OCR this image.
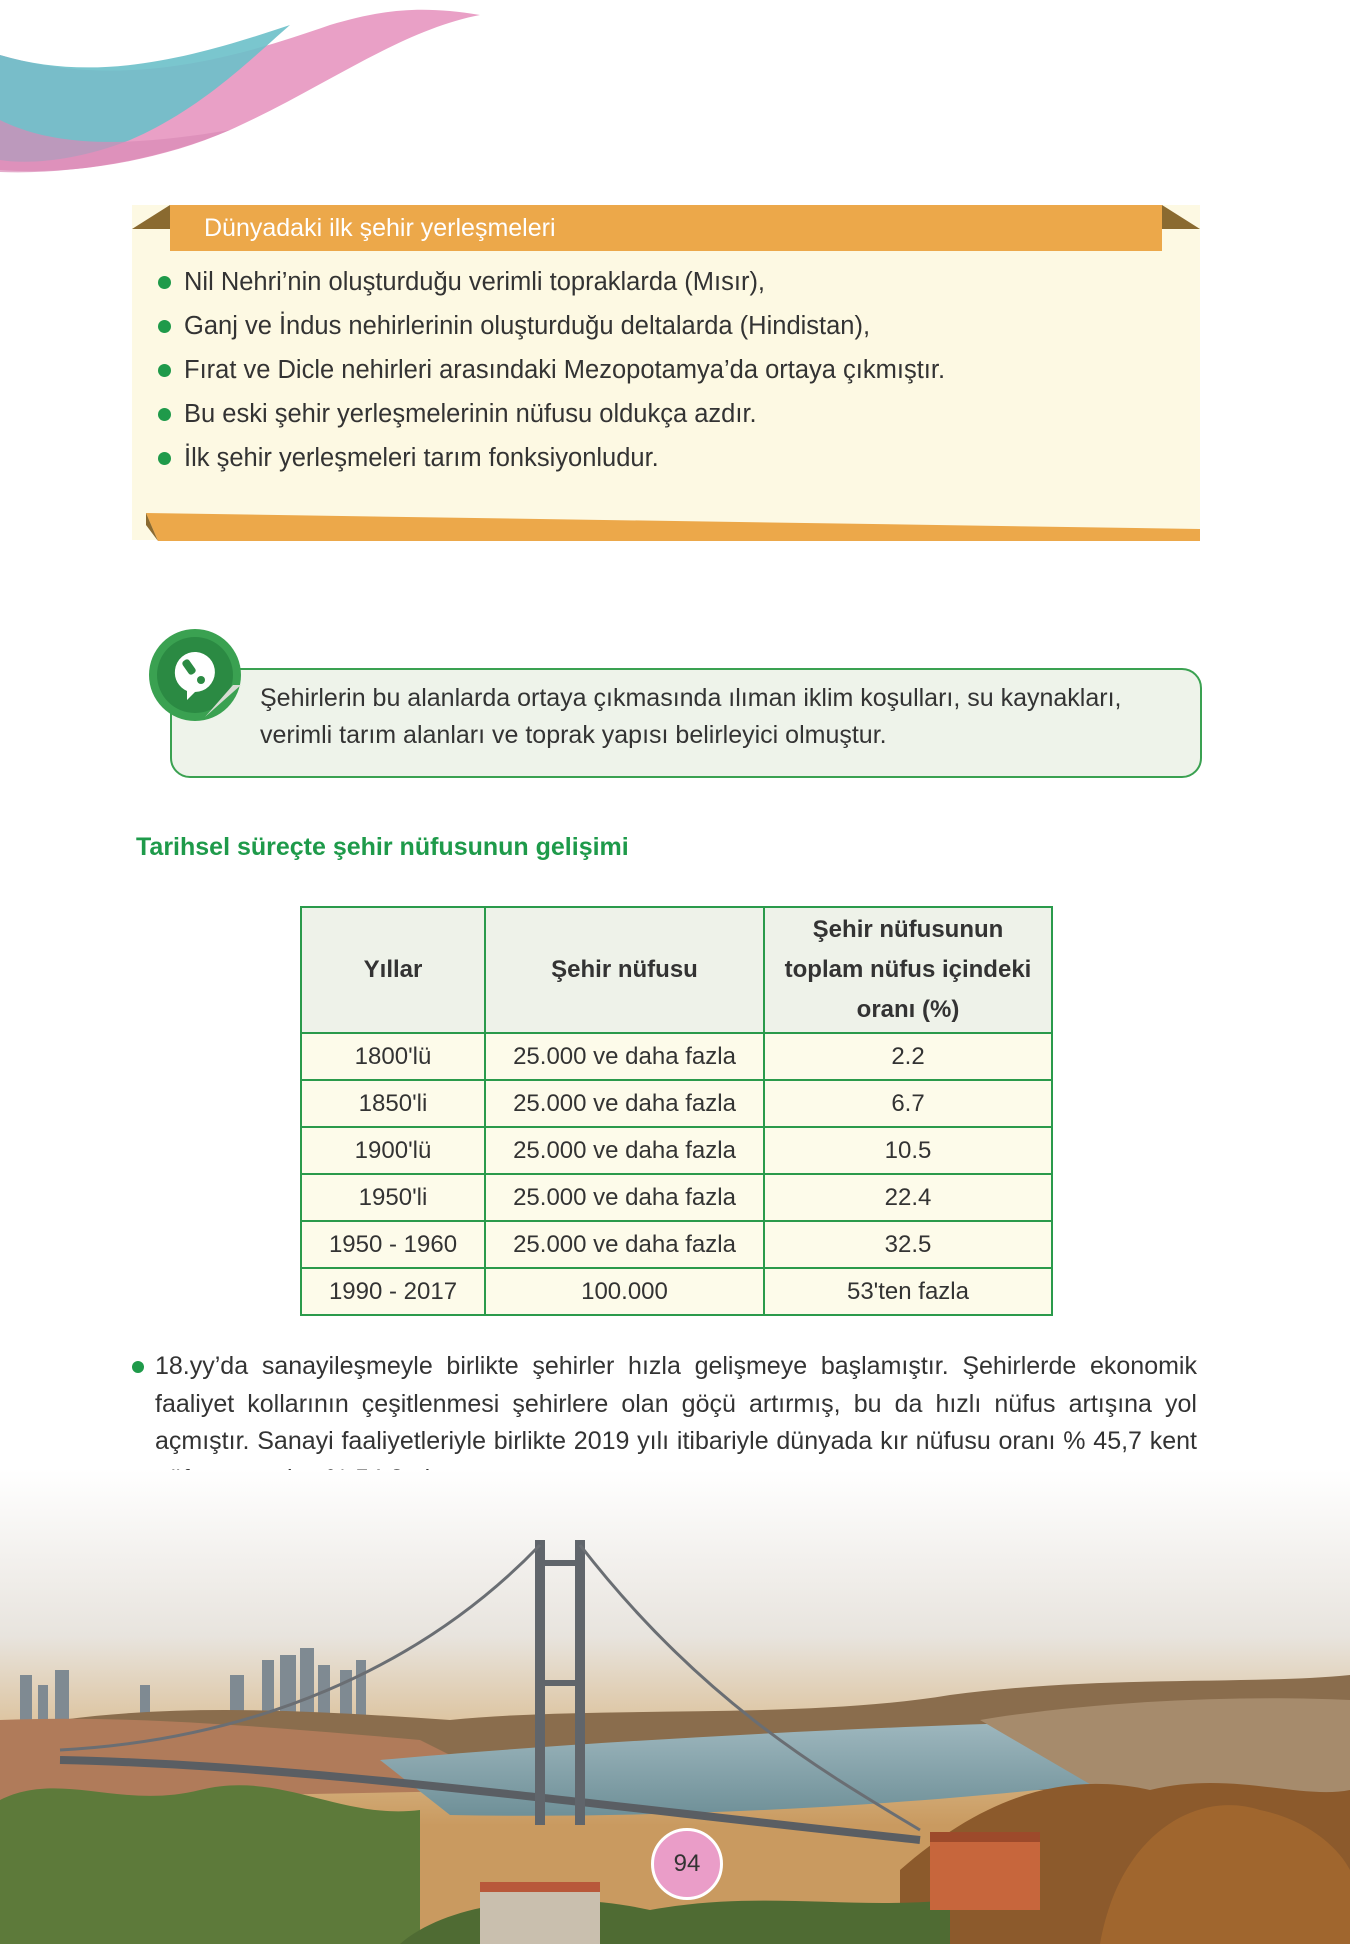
Dünyadaki ilk şehir yerleşmeleri
Nil Nehri’nin oluşturduğu verimli topraklarda (Mısır),
Ganj ve İndus nehirlerinin oluşturduğu deltalarda (Hindistan),
Fırat ve Dicle nehirleri arasındaki Mezopotamya’da ortaya çıkmıştır.
Bu eski şehir yerleşmelerinin nüfusu oldukça azdır.
İlk şehir yerleşmeleri tarım fonksiyonludur.
Şehirlerin bu alanlarda ortaya çıkmasında ılıman iklim koşulları, su kaynakları, verimli tarım alanları ve toprak yapısı belirleyici olmuştur.
Tarihsel süreçte şehir nüfusunun gelişimi
Yıllar	Şehir nüfusu	Şehir nüfusunun toplam nüfus içindeki oranı (%)
1800'lü	25.000 ve daha fazla	2.2
1850'li	25.000 ve daha fazla	6.7
1900'lü	25.000 ve daha fazla	10.5
1950'li	25.000 ve daha fazla	22.4
1950 - 1960	25.000 ve daha fazla	32.5
1990 - 2017	100.000	53'ten fazla
18.yy’da sanayileşmeyle birlikte şehirler hızla gelişmeye başlamıştır. Şehirlerde ekonomik faaliyet kollarının çeşitlenmesi şehirlere olan göçü artırmış, bu da hızlı nüfus artışına yol açmıştır. Sanayi faaliyetleriyle birlikte 2019 yılı itibariyle dünyada kır nüfusu oranı % 45,7 kent
94
